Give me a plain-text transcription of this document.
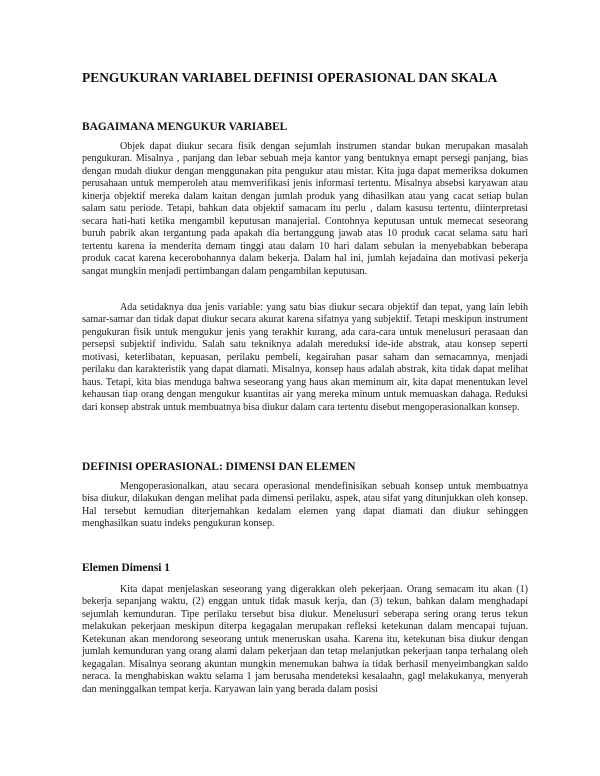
PENGUKURAN VARIABEL DEFINISI OPERASIONAL DAN SKALA
BAGAIMANA MENGUKUR VARIABEL

Objek dapat diukur secara fisik dengan sejumlah instrumen standar bukan merupakan masalah pengukuran. Misalnya , panjang dan lebar sebuah meja kantor yang bentuknya emapt persegi panjang, bias dengan mudah diukur dengan menggunakan pita pengukur atau mistar. Kita juga dapat memeriksa dokumen perusahaan untuk memperoleh atau memverifikasi jenis informasi tertentu. Misalnya absebsi karyawan atau kinerja objektif mereka dalam kaitan dengan jumlah produk yang dihasilkan atau yang cacat setiap bulan salam satu periode. Tetapi, bahkan data objektif samacam itu perlu , dalam kasusu tertentu, diinterpretasi secara hati-hati ketika mengambil keputusan manajerial. Contohnya keputusan untuk memecat seseorang buruh pabrik akan tergantung pada apakah dia bertanggung jawab atas 10 produk cacat selama satu hari tertentu karena ia menderita demam tinggi atau dalam 10 hari dalam sebulan ia menyebabkan beberapa produk cacat karena kecerobohannya dalam bekerja. Dalam hal ini, jumlah kejadaina dan motivasi pekerja sangat mungkin menjadi pertimbangan dalam pengambilan keputusan.

Ada setidaknya dua jenis variable: yang satu bias diukur secara objektif dan tepat, yang lain lebih samar-samar dan tidak dapat diukur secara akurat karena sifatnya yang subjektif. Tetapi meskipun instrument pengukuran fisik untuk mengukur jenis yang terakhir kurang, ada cara-cara untuk menelusuri perasaan dan persepsi subjektif individu. Salah satu tekniknya adalah mereduksi ide-ide abstrak, atau konsep seperti motivasi, keterlibatan, kepuasan, perilaku pembeli, kegairahan pasar saham dan semacamnya, menjadi perilaku dan karakteristik yang dapat diamati. Misalnya, konsep haus adalah abstrak, kita tidak dapat melihat haus. Tetapi, kita bias menduga bahwa seseorang yang haus akan meminum air, kita dapat menentukan level kehausan tiap orang dengan mengukur kuantitas air yang mereka minum untuk memuaskan dahaga. Reduksi dari konsep abstrak untuk membuatnya bisa diukur dalam cara tertentu disebut mengoperasionalkan konsep.

DEFINISI OPERASIONAL: DIMENSI DAN ELEMEN

Mengoperasionalkan, atau secara operasional mendefinisikan sebuah konsep untuk membuatnya bisa diukur, dilakukan dengan melihat pada dimensi perilaku, aspek, atau sifat yang ditunjukkan oleh konsep. Hal tersebut kemudian diterjemahkan kedalam elemen yang dapat diamati dan diukur sehinggen menghasilkan suatu indeks pengukuran konsep.

Elemen Dimensi 1

Kita dapat menjelaskan seseorang yang digerakkan oleh pekerjaan. Orang semacam itu akan (1) bekerja sepanjang waktu, (2) enggan untuk tidak masuk kerja, dan (3) tekun, bahkan dalam menghadapi sejumlah kemunduran. Tipe perilaku tersebut bisa diukur. Menelusuri seberapa sering orang terus tekun melakukan pekerjaan meskipun diterpa kegagalan merupakan refleksi ketekunan dalam mencapai tujuan. Ketekunan akan mendorong seseorang untuk meneruskan usaha. Karena itu, ketekunan bisa diukur dengan jumlah kemunduran yang orang alami dalam pekerjaan dan tetap melanjutkan pekerjaan tanpa terhalang oleh kegagalan. Misalnya seorang akuntan mungkin menemukan bahwa ia tidak berhasil menyeimbangkan saldo neraca. Ia menghabiskan waktu selama 1 jam berusaha mendeteksi kesalaahn, gagl melakukanya, menyerah dan meninggalkan tempat kerja. Karyawan lain yang berada dalam posisi
